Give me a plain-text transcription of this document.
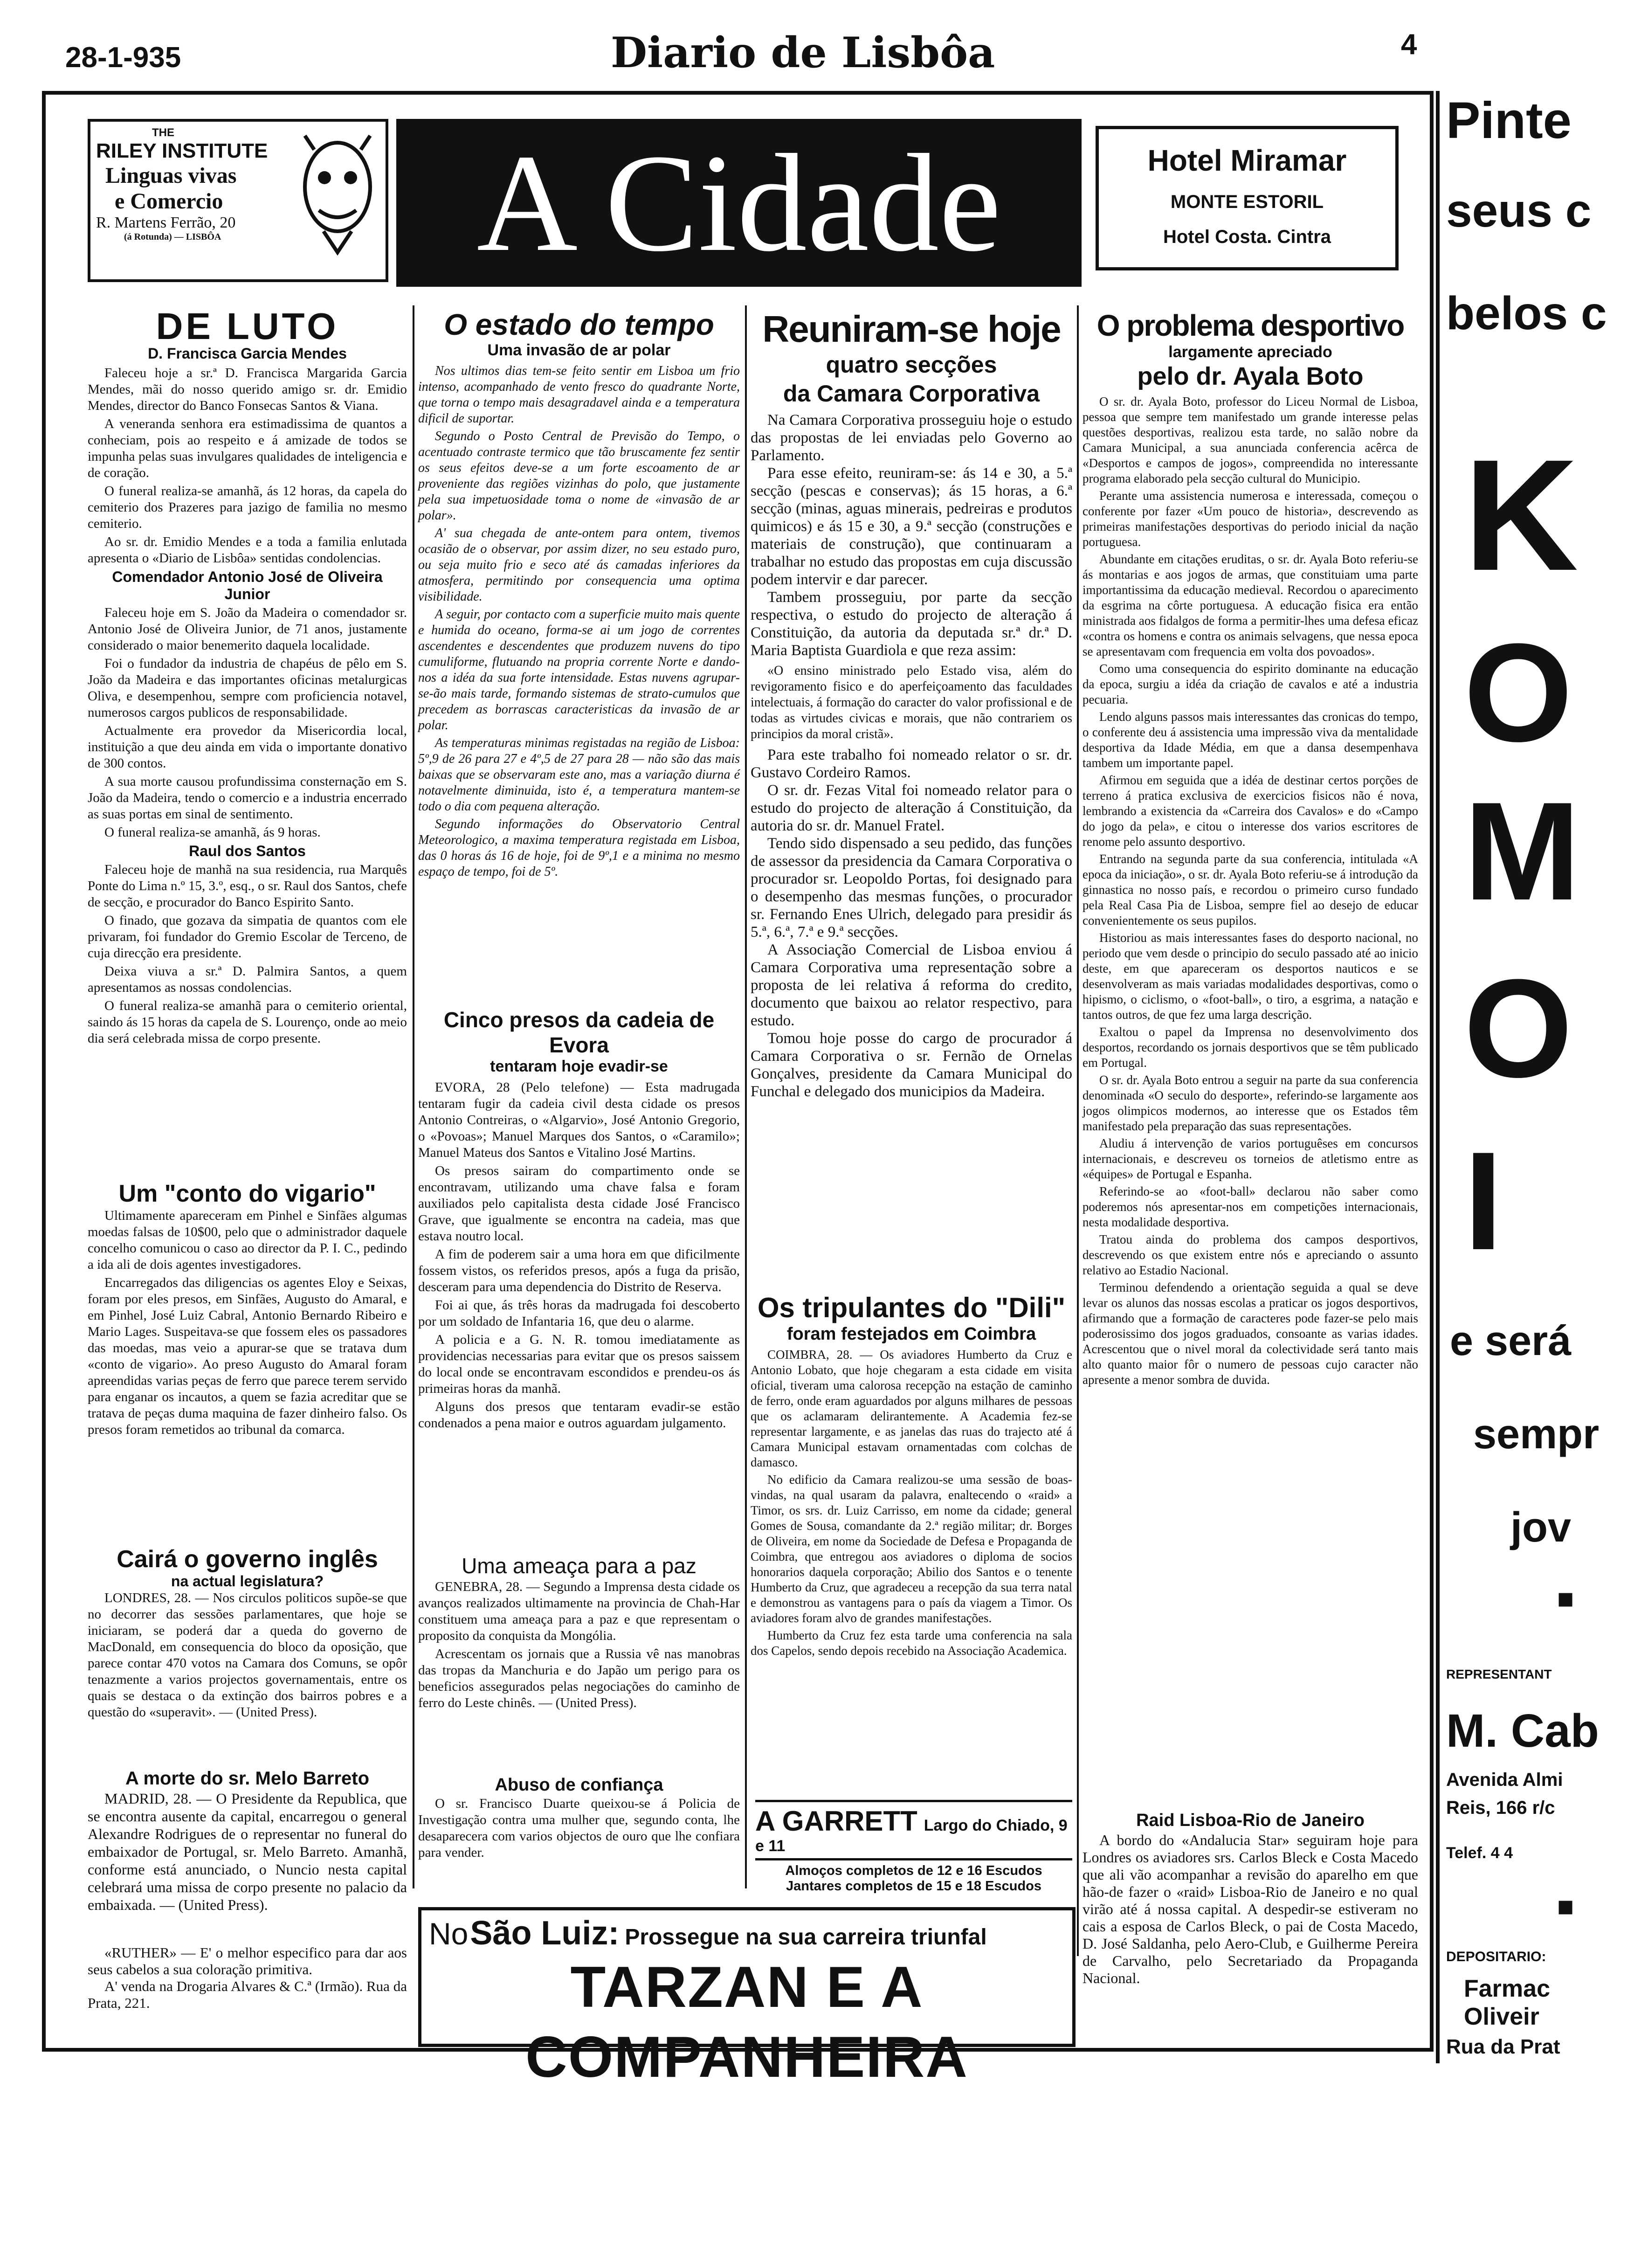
28-1-935	Diario de Lisbôa	4
THE
RILEY INSTITUTE
Linguas vivas
e Comercio
R. Martens Ferrão, 20
(á Rotunda) — LISBÔA	A Cidade	Hotel Miramar
MONTE ESTORIL
Hotel Costa. Cintra
DE LUTO
D. Francisca Garcia Mendes

Faleceu hoje a sr.ª D. Francisca Margarida Garcia Mendes, mãi do nosso querido amigo sr. dr. Emidio Mendes, director do Banco Fonsecas Santos & Viana.

A veneranda senhora era estimadissima de quantos a conheciam, pois ao respeito e á amizade de todos se impunha pelas suas invulgares qualidades de inteligencia e de coração.

O funeral realiza-se amanhã, ás 12 horas, da capela do cemiterio dos Prazeres para jazigo de familia no mesmo cemiterio.

Ao sr. dr. Emidio Mendes e a toda a familia enlutada apresenta o «Diario de Lisbôa» sentidas condolencias.

Comendador Antonio José de Oliveira Junior

Faleceu hoje em S. João da Madeira o comendador sr. Antonio José de Oliveira Junior, de 71 anos, justamente considerado o maior benemerito daquela localidade.

Foi o fundador da industria de chapéus de pêlo em S. João da Madeira e das importantes oficinas metalurgicas Oliva, e desempenhou, sempre com proficiencia notavel, numerosos cargos publicos de responsabilidade.

Actualmente era provedor da Misericordia local, instituição a que deu ainda em vida o importante donativo de 300 contos.

A sua morte causou profundissima consternação em S. João da Madeira, tendo o comercio e a industria encerrado as suas portas em sinal de sentimento.

O funeral realiza-se amanhã, ás 9 horas.

Raul dos Santos

Faleceu hoje de manhã na sua residencia, rua Marquês Ponte do Lima n.º 15, 3.º, esq., o sr. Raul dos Santos, chefe de secção, e procurador do Banco Espirito Santo.

O finado, que gozava da simpatia de quantos com ele privaram, foi fundador do Gremio Escolar de Terceno, de cuja direcção era presidente.

Deixa viuva a sr.ª D. Palmira Santos, a quem apresentamos as nossas condolencias.

O funeral realiza-se amanhã para o cemiterio oriental, saindo ás 15 horas da capela de S. Lourenço, onde ao meio dia será celebrada missa de corpo presente.

Um "conto do vigario"

Ultimamente apareceram em Pinhel e Sinfães algumas moedas falsas de 10$00, pelo que o administrador daquele concelho comunicou o caso ao director da P. I. C., pedindo a ida ali de dois agentes investigadores.

Encarregados das diligencias os agentes Eloy e Seixas, foram por eles presos, em Sinfães, Augusto do Amaral, e em Pinhel, José Luiz Cabral, Antonio Bernardo Ribeiro e Mario Lages. Suspeitava-se que fossem eles os passadores das moedas, mas veio a apurar-se que se tratava dum «conto de vigario». Ao preso Augusto do Amaral foram apreendidas varias peças de ferro que parece terem servido para enganar os incautos, a quem se fazia acreditar que se tratava de peças duma maquina de fazer dinheiro falso. Os presos foram remetidos ao tribunal da comarca.

Cairá o governo inglês
na actual legislatura?

LONDRES, 28. — Nos circulos politicos supõe-se que no decorrer das sessões parlamentares, que hoje se iniciaram, se poderá dar a queda do governo de MacDonald, em consequencia do bloco da oposição, que parece contar 470 votos na Camara dos Comuns, se opôr tenazmente a varios projectos governamentais, entre os quais se destaca o da extinção dos bairros pobres e a questão do «superavit». — (United Press).

A morte do sr. Melo Barreto

MADRID, 28. — O Presidente da Republica, que se encontra ausente da capital, encarregou o general Alexandre Rodrigues de o representar no funeral do embaixador de Portugal, sr. Melo Barreto. Amanhã, conforme está anunciado, o Nuncio nesta capital celebrará uma missa de corpo presente no palacio da embaixada. — (United Press).

«RUTHER» — E' o melhor especifico para dar aos seus cabelos a sua coloração primitiva.

A' venda na Drogaria Alvares & C.ª (Irmão). Rua da Prata, 221.

O estado do tempo
Uma invasão de ar polar

Nos ultimos dias tem-se feito sentir em Lisboa um frio intenso, acompanhado de vento fresco do quadrante Norte, que torna o tempo mais desagradavel ainda e a temperatura dificil de suportar.

Segundo o Posto Central de Previsão do Tempo, o acentuado contraste termico que tão bruscamente fez sentir os seus efeitos deve-se a um forte escoamento de ar proveniente das regiões vizinhas do polo, que justamente pela sua impetuosidade toma o nome de «invasão de ar polar».

A' sua chegada de ante-ontem para ontem, tivemos ocasião de o observar, por assim dizer, no seu estado puro, ou seja muito frio e seco até ás camadas inferiores da atmosfera, permitindo por consequencia uma optima visibilidade.

A seguir, por contacto com a superficie muito mais quente e humida do oceano, forma-se ai um jogo de correntes ascendentes e descendentes que produzem nuvens do tipo cumuliforme, flutuando na propria corrente Norte e dando-nos a idéa da sua forte intensidade. Estas nuvens agrupar-se-ão mais tarde, formando sistemas de strato-cumulos que precedem as borrascas caracteristicas da invasão de ar polar.

As temperaturas minimas registadas na região de Lisboa: 5º,9 de 26 para 27 e 4º,5 de 27 para 28 — não são das mais baixas que se observaram este ano, mas a variação diurna é notavelmente diminuida, isto é, a temperatura mantem-se todo o dia com pequena alteração.

Segundo informações do Observatorio Central Meteorologico, a maxima temperatura registada em Lisboa, das 0 horas ás 16 de hoje, foi de 9º,1 e a minima no mesmo espaço de tempo, foi de 5º.

Cinco presos da cadeia de Evora
tentaram hoje evadir-se

EVORA, 28 (Pelo telefone) — Esta madrugada tentaram fugir da cadeia civil desta cidade os presos Antonio Contreiras, o «Algarvio», José Antonio Gregorio, o «Povoas»; Manuel Marques dos Santos, o «Caramilo»; Manuel Mateus dos Santos e Vitalino José Martins.

Os presos sairam do compartimento onde se encontravam, utilizando uma chave falsa e foram auxiliados pelo capitalista desta cidade José Francisco Grave, que igualmente se encontra na cadeia, mas que estava noutro local.

A fim de poderem sair a uma hora em que dificilmente fossem vistos, os referidos presos, após a fuga da prisão, desceram para uma dependencia do Distrito de Reserva.

Foi ai que, ás três horas da madrugada foi descoberto por um soldado de Infantaria 16, que deu o alarme.

A policia e a G. N. R. tomou imediatamente as providencias necessarias para evitar que os presos saissem do local onde se encontravam escondidos e prendeu-os ás primeiras horas da manhã.

Alguns dos presos que tentaram evadir-se estão condenados a pena maior e outros aguardam julgamento.

Uma ameaça para a paz

GENEBRA, 28. — Segundo a Imprensa desta cidade os avanços realizados ultimamente na provincia de Chah-Har constituem uma ameaça para a paz e que representam o proposito da conquista da Mongólia.

Acrescentam os jornais que a Russia vê nas manobras das tropas da Manchuria e do Japão um perigo para os beneficios assegurados pelas negociações do caminho de ferro do Leste chinês. — (United Press).

Abuso de confiança

O sr. Francisco Duarte queixou-se á Policia de Investigação contra uma mulher que, segundo conta, lhe desaparecera com varios objectos de ouro que lhe confiara para vender.

Reuniram-se hoje
quatro secções
da Camara Corporativa

Na Camara Corporativa prosseguiu hoje o estudo das propostas de lei enviadas pelo Governo ao Parlamento.

Para esse efeito, reuniram-se: ás 14 e 30, a 5.ª secção (pescas e conservas); ás 15 horas, a 6.ª secção (minas, aguas minerais, pedreiras e produtos quimicos) e ás 15 e 30, a 9.ª secção (construções e materiais de construção), que continuaram a trabalhar no estudo das propostas em cuja discussão podem intervir e dar parecer.

Tambem prosseguiu, por parte da secção respectiva, o estudo do projecto de alteração á Constituição, da autoria da deputada sr.ª dr.ª D. Maria Baptista Guardiola e que reza assim:

«O ensino ministrado pelo Estado visa, além do revigoramento fisico e do aperfeiçoamento das faculdades intelectuais, á formação do caracter do valor profissional e de todas as virtudes civicas e morais, que não contrariem os principios da moral cristã».

Para este trabalho foi nomeado relator o sr. dr. Gustavo Cordeiro Ramos.

O sr. dr. Fezas Vital foi nomeado relator para o estudo do projecto de alteração á Constituição, da autoria do sr. dr. Manuel Fratel.

Tendo sido dispensado a seu pedido, das funções de assessor da presidencia da Camara Corporativa o procurador sr. Leopoldo Portas, foi designado para o desempenho das mesmas funções, o procurador sr. Fernando Enes Ulrich, delegado para presidir ás 5.ª, 6.ª, 7.ª e 9.ª secções.

A Associação Comercial de Lisboa enviou á Camara Corporativa uma representação sobre a proposta de lei relativa á reforma do credito, documento que baixou ao relator respectivo, para estudo.

Tomou hoje posse do cargo de procurador á Camara Corporativa o sr. Fernão de Ornelas Gonçalves, presidente da Camara Municipal do Funchal e delegado dos municipios da Madeira.

Os tripulantes do "Dili"
foram festejados em Coimbra

COIMBRA, 28. — Os aviadores Humberto da Cruz e Antonio Lobato, que hoje chegaram a esta cidade em visita oficial, tiveram uma calorosa recepção na estação de caminho de ferro, onde eram aguardados por alguns milhares de pessoas que os aclamaram delirantemente. A Academia fez-se representar largamente, e as janelas das ruas do trajecto até á Camara Municipal estavam ornamentadas com colchas de damasco.

No edificio da Camara realizou-se uma sessão de boas-vindas, na qual usaram da palavra, enaltecendo o «raid» a Timor, os srs. dr. Luiz Carrisso, em nome da cidade; general Gomes de Sousa, comandante da 2.ª região militar; dr. Borges de Oliveira, em nome da Sociedade de Defesa e Propaganda de Coimbra, que entregou aos aviadores o diploma de socios honorarios daquela corporação; Abilio dos Santos e o tenente Humberto da Cruz, que agradeceu a recepção da sua terra natal e demonstrou as vantagens para o país da viagem a Timor. Os aviadores foram alvo de grandes manifestações.

Humberto da Cruz fez esta tarde uma conferencia na sala dos Capelos, sendo depois recebido na Associação Academica.

A GARRETT Largo do Chiado, 9 e 11
Almoços completos de 12 e 16 Escudos
Jantares completos de 15 e 18 Escudos
O problema desportivo
largamente apreciado
pelo dr. Ayala Boto

O sr. dr. Ayala Boto, professor do Liceu Normal de Lisboa, pessoa que sempre tem manifestado um grande interesse pelas questões desportivas, realizou esta tarde, no salão nobre da Camara Municipal, a sua anunciada conferencia acêrca de «Desportos e campos de jogos», compreendida no interessante programa elaborado pela secção cultural do Municipio.

Perante uma assistencia numerosa e interessada, começou o conferente por fazer «Um pouco de historia», descrevendo as primeiras manifestações desportivas do periodo inicial da nação portuguesa.

Abundante em citações eruditas, o sr. dr. Ayala Boto referiu-se ás montarias e aos jogos de armas, que constituiam uma parte importantissima da educação medieval. Recordou o aparecimento da esgrima na côrte portuguesa. A educação fisica era então ministrada aos fidalgos de forma a permitir-lhes uma defesa eficaz «contra os homens e contra os animais selvagens, que nessa epoca se apresentavam com frequencia em volta dos povoados».

Como uma consequencia do espirito dominante na educação da epoca, surgiu a idéa da criação de cavalos e até a industria pecuaria.

Lendo alguns passos mais interessantes das cronicas do tempo, o conferente deu á assistencia uma impressão viva da mentalidade desportiva da Idade Média, em que a dansa desempenhava tambem um importante papel.

Afirmou em seguida que a idéa de destinar certos porções de terreno á pratica exclusiva de exercicios fisicos não é nova, lembrando a existencia da «Carreira dos Cavalos» e do «Campo do jogo da pela», e citou o interesse dos varios escritores de renome pelo assunto desportivo.

Entrando na segunda parte da sua conferencia, intitulada «A epoca da iniciação», o sr. dr. Ayala Boto referiu-se á introdução da ginnastica no nosso país, e recordou o primeiro curso fundado pela Real Casa Pia de Lisboa, sempre fiel ao desejo de educar convenientemente os seus pupilos.

Historiou as mais interessantes fases do desporto nacional, no periodo que vem desde o principio do seculo passado até ao inicio deste, em que apareceram os desportos nauticos e se desenvolveram as mais variadas modalidades desportivas, como o hipismo, o ciclismo, o «foot-ball», o tiro, a esgrima, a natação e tantos outros, de que fez uma larga descrição.

Exaltou o papel da Imprensa no desenvolvimento dos desportos, recordando os jornais desportivos que se têm publicado em Portugal.

O sr. dr. Ayala Boto entrou a seguir na parte da sua conferencia denominada «O seculo do desporte», referindo-se largamente aos jogos olimpicos modernos, ao interesse que os Estados têm manifestado pela preparação das suas representações.

Aludiu á intervenção de varios portuguêses em concursos internacionais, e descreveu os torneios de atletismo entre as «équipes» de Portugal e Espanha.

Referindo-se ao «foot-ball» declarou não saber como poderemos nós apresentar-nos em competições internacionais, nesta modalidade desportiva.

Tratou ainda do problema dos campos desportivos, descrevendo os que existem entre nós e apreciando o assunto relativo ao Estadio Nacional.

Terminou defendendo a orientação seguida a qual se deve levar os alunos das nossas escolas a praticar os jogos desportivos, afirmando que a formação de caracteres pode fazer-se pelo mais poderosissimo dos jogos graduados, consoante as varias idades. Acrescentou que o nivel moral da colectividade será tanto mais alto quanto maior fôr o numero de pessoas cujo caracter não apresente a menor sombra de duvida.

Raid Lisboa-Rio de Janeiro

A bordo do «Andalucia Star» seguiram hoje para Londres os aviadores srs. Carlos Bleck e Costa Macedo que ali vão acompanhar a revisão do aparelho em que hão-de fazer o «raid» Lisboa-Rio de Janeiro e no qual virão até á nossa capital. A despedir-se estiveram no cais a esposa de Carlos Bleck, o pai de Costa Macedo, D. José Saldanha, pelo Aero-Club, e Guilherme Pereira de Carvalho, pelo Secretariado da Propaganda Nacional.

No São Luiz: Prossegue na sua carreira triunfal
TARZAN E A COMPANHEIRA
Pinte
seus c
belos c
K
O
M
O
I
e será
sempr
jov
■
REPRESENTANT
M. Cab
Avenida Almi
Reis, 166 r/c
Telef. 4 4
■
DEPOSITARIO:
Farmac
Oliveir
Rua da Prat
